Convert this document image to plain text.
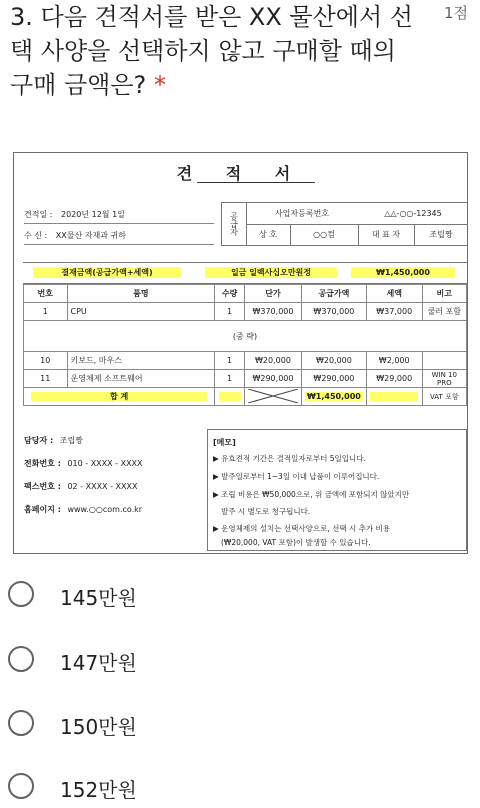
3. 다음 견적서를 받은 XX 물산에서 선택 사양을 선택하지 않고 구매할 때의 구매 금액은? *
1점
견 적 서
견적일 : 2020년 12월 1일
수 신 : XX물산 자재과 귀하	공급자	사업자등록번호	△△-○○-12345
상 호	○○컴	대 표 자	조립짱
결재금액(공급가액+세액)	일금 일백사십오만원정	₩1,450,000
번호	품명	수량	단가	공급가액	세액	비고
1	CPU	1	₩370,000	₩370,000	₩37,000	쿨러 포함
(중 략)						
10	키보드, 마우스	1	₩20,000	₩20,000	₩2,000	
11	운영체제 소프트웨어	1	₩290,000	₩290,000	₩29,000	WIN 10 PRO
합 계				₩1,450,000		VAT 포함
담당자 : 조립짱
전화번호 : 010 - XXXX - XXXX
팩스번호 : 02 - XXXX - XXXX
홈페이지 : www.○○com.co.kr
[메모]
▶ 유효견적 기간은 결적일자로부터 5일입니다.
▶ 발주일로부터 1~3일 이내 납품이 이루어집니다.
▶ 조립 비용은 ₩50,000으로, 위 금액에 포함되지 않았지만
발주 시 별도로 청구됩니다.
▶ 운영체제의 설치는 선택사양으로, 선택 시 추가 비용
(₩20,000, VAT 포함)이 발생할 수 있습니다.
145만원
147만원
150만원
152만원
